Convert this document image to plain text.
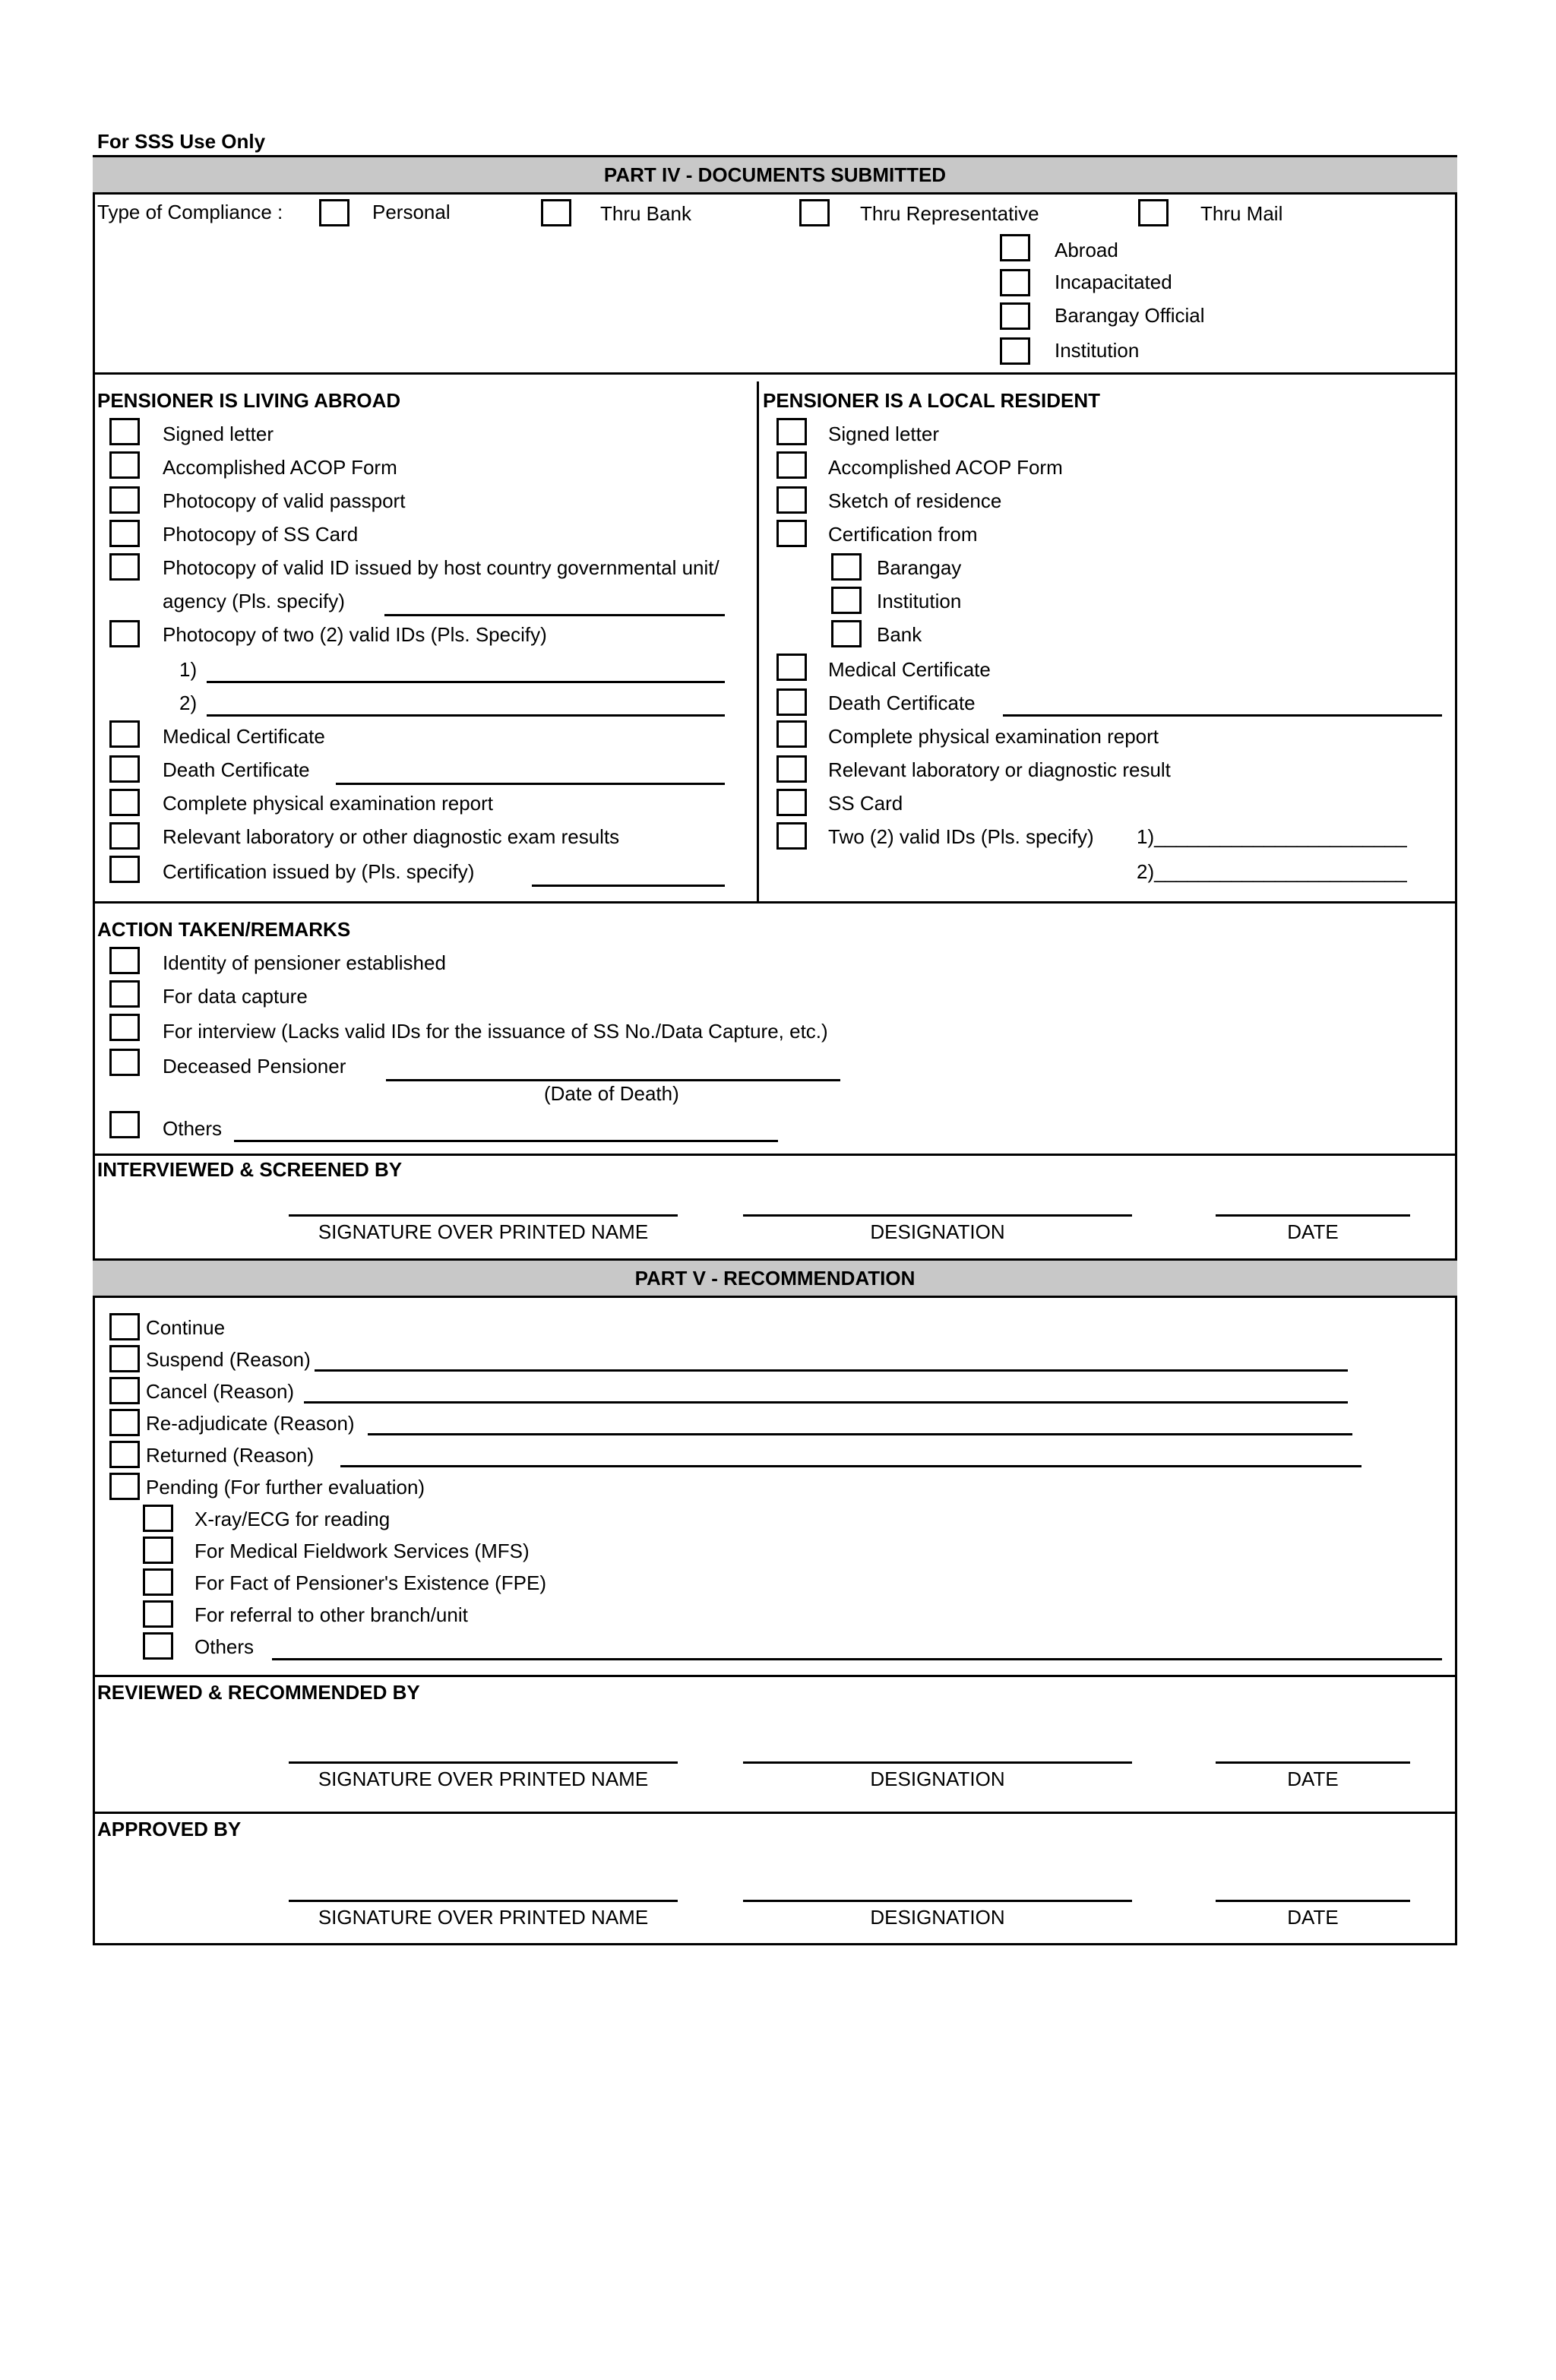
For SSS Use Only
PART IV - DOCUMENTS SUBMITTED
Type of Compliance :	Personal	Thru Bank	Thru Representative	Thru Mail
Abroad
Incapacitated
Barangay Official
Institution
PENSIONER IS LIVING ABROAD
Signed letter
Accomplished ACOP Form
Photocopy of valid passport
Photocopy of SS Card
Photocopy of valid ID issued by host country governmental unit/
agency (Pls. specify)
Photocopy of two (2) valid IDs (Pls. Specify)
1)
2)
Medical Certificate
Death Certificate
Complete physical examination report
Relevant laboratory or other diagnostic exam results
Certification issued by (Pls. specify)
PENSIONER IS A LOCAL RESIDENT
Signed letter
Accomplished ACOP Form
Sketch of residence
Certification from
Barangay
Institution
Bank
Medical Certificate
Death Certificate
Complete physical examination report
Relevant laboratory or diagnostic result
SS Card
Two (2) valid IDs (Pls. specify) 1)_______________________
2)_______________________
ACTION TAKEN/REMARKS
Identity of pensioner established
For data capture
For interview (Lacks valid IDs for the issuance of SS No./Data Capture, etc.)
Deceased Pensioner
(Date of Death)
Others
INTERVIEWED & SCREENED BY
SIGNATURE OVER PRINTED NAME	DESIGNATION	DATE
PART V - RECOMMENDATION
Continue
Suspend (Reason)
Cancel (Reason)
Re-adjudicate (Reason)
Returned (Reason)
Pending (For further evaluation)
X-ray/ECG for reading
For Medical Fieldwork Services (MFS)
For Fact of Pensioner's Existence (FPE)
For referral to other branch/unit
Others
REVIEWED & RECOMMENDED BY
SIGNATURE OVER PRINTED NAME	DESIGNATION	DATE
APPROVED BY
SIGNATURE OVER PRINTED NAME	DESIGNATION	DATE
